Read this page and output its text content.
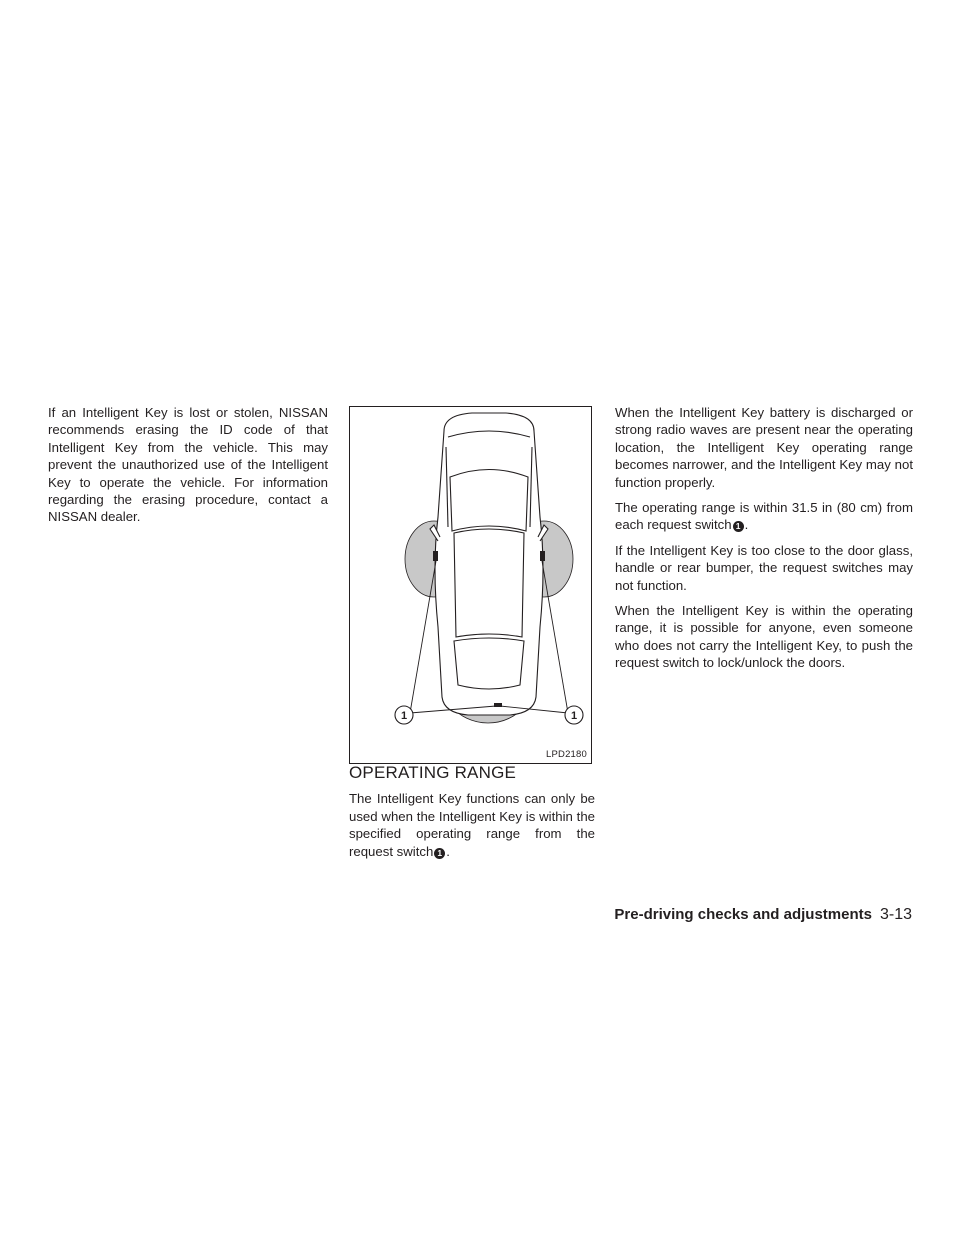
If an Intelligent Key is lost or stolen, NISSAN recommends erasing the ID code of that Intelligent Key from the vehicle. This may prevent the unauthorized use of the Intelligent Key to operate the vehicle. For information regarding the erasing procedure, contact a NISSAN dealer.

1	1
LPD2180
OPERATING RANGE

The Intelligent Key functions can only be used when the Intelligent Key is within the specified operating range from the request switch 1 .

When the Intelligent Key battery is discharged or strong radio waves are present near the operating location, the Intelligent Key operating range becomes narrower, and the Intelligent Key may not function properly.

The operating range is within 31.5 in (80 cm) from each request switch 1 .

If the Intelligent Key is too close to the door glass, handle or rear bumper, the request switches may not function.

When the Intelligent Key is within the operating range, it is possible for anyone, even someone who does not carry the Intelligent Key, to push the request switch to lock/unlock the doors.

Pre-driving checks and adjustments 3-13
